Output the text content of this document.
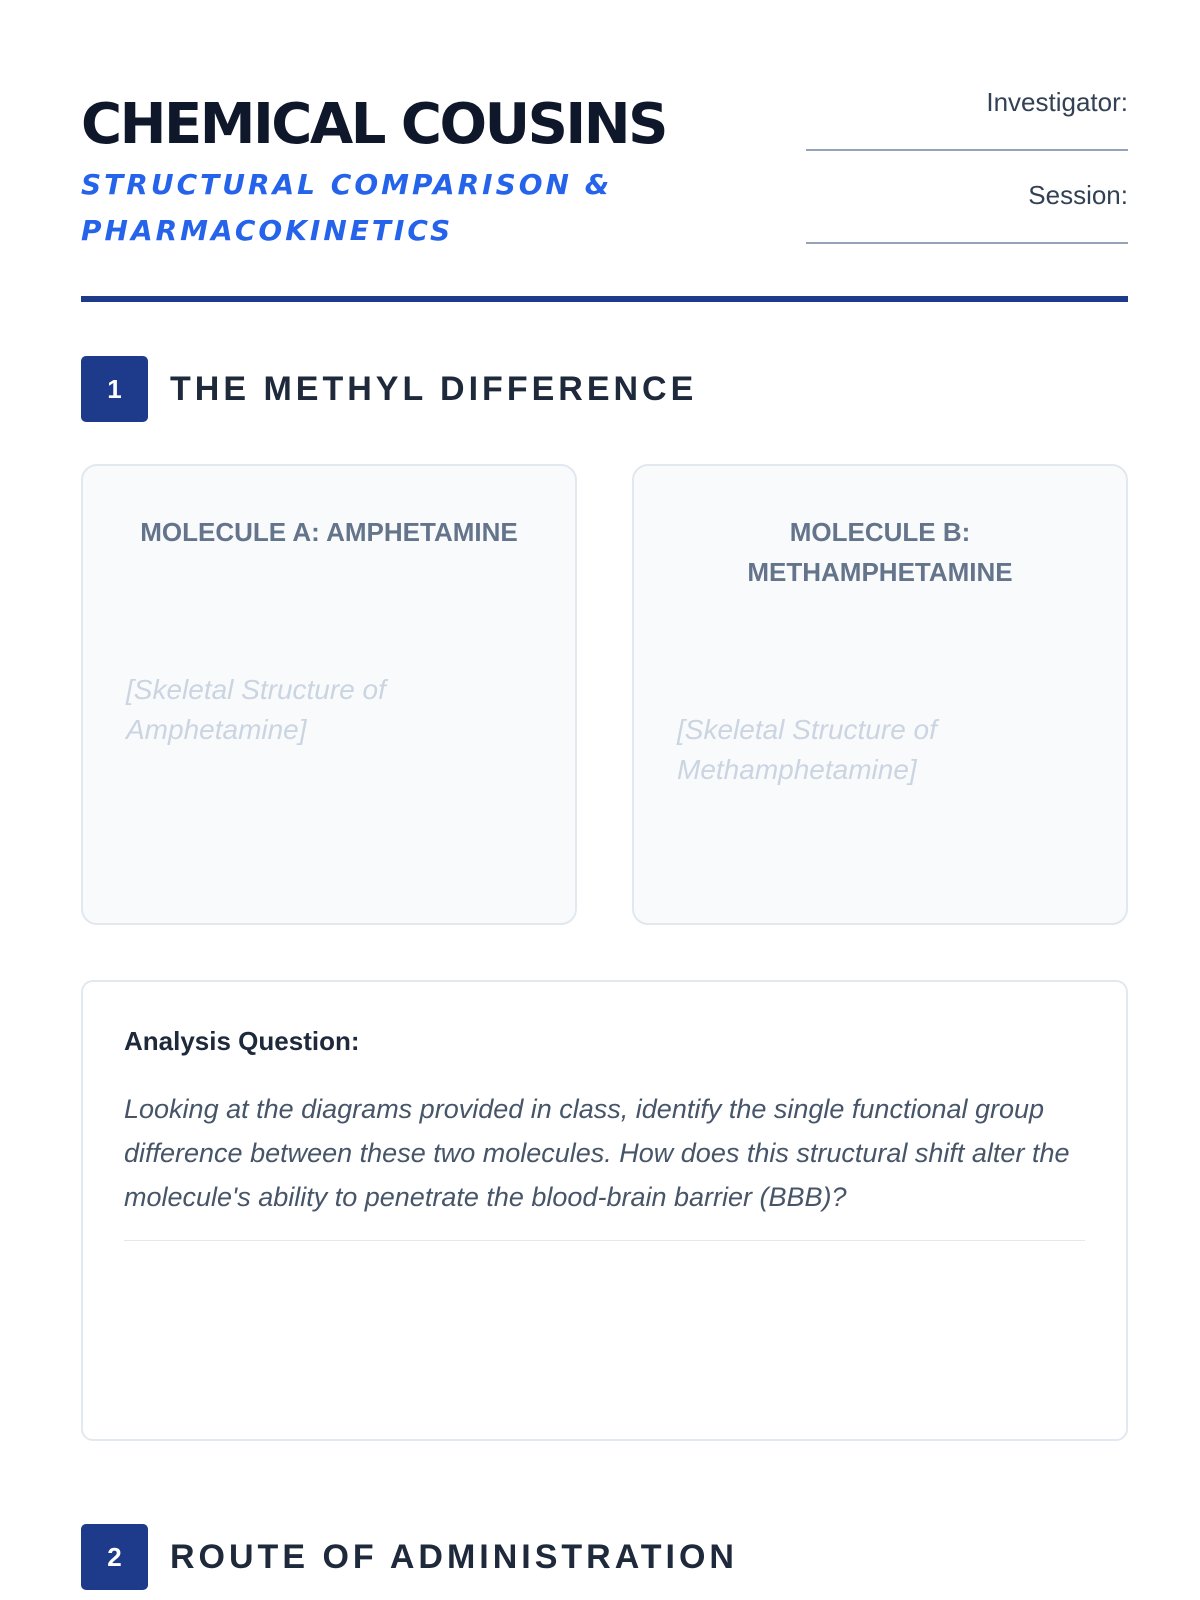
CHEMICAL COUSINS
STRUCTURAL COMPARISON & PHARMACOKINETICS
Investigator:
Session:
1	THE METHYL DIFFERENCE
MOLECULE A: AMPHETAMINE
[Skeletal Structure of Amphetamine]
MOLECULE B: METHAMPHETAMINE
[Skeletal Structure of Methamphetamine]
Analysis Question:
Looking at the diagrams provided in class, identify the single functional group difference between these two molecules. How does this structural shift alter the molecule's ability to penetrate the blood-brain barrier (BBB)?
2	ROUTE OF ADMINISTRATION
